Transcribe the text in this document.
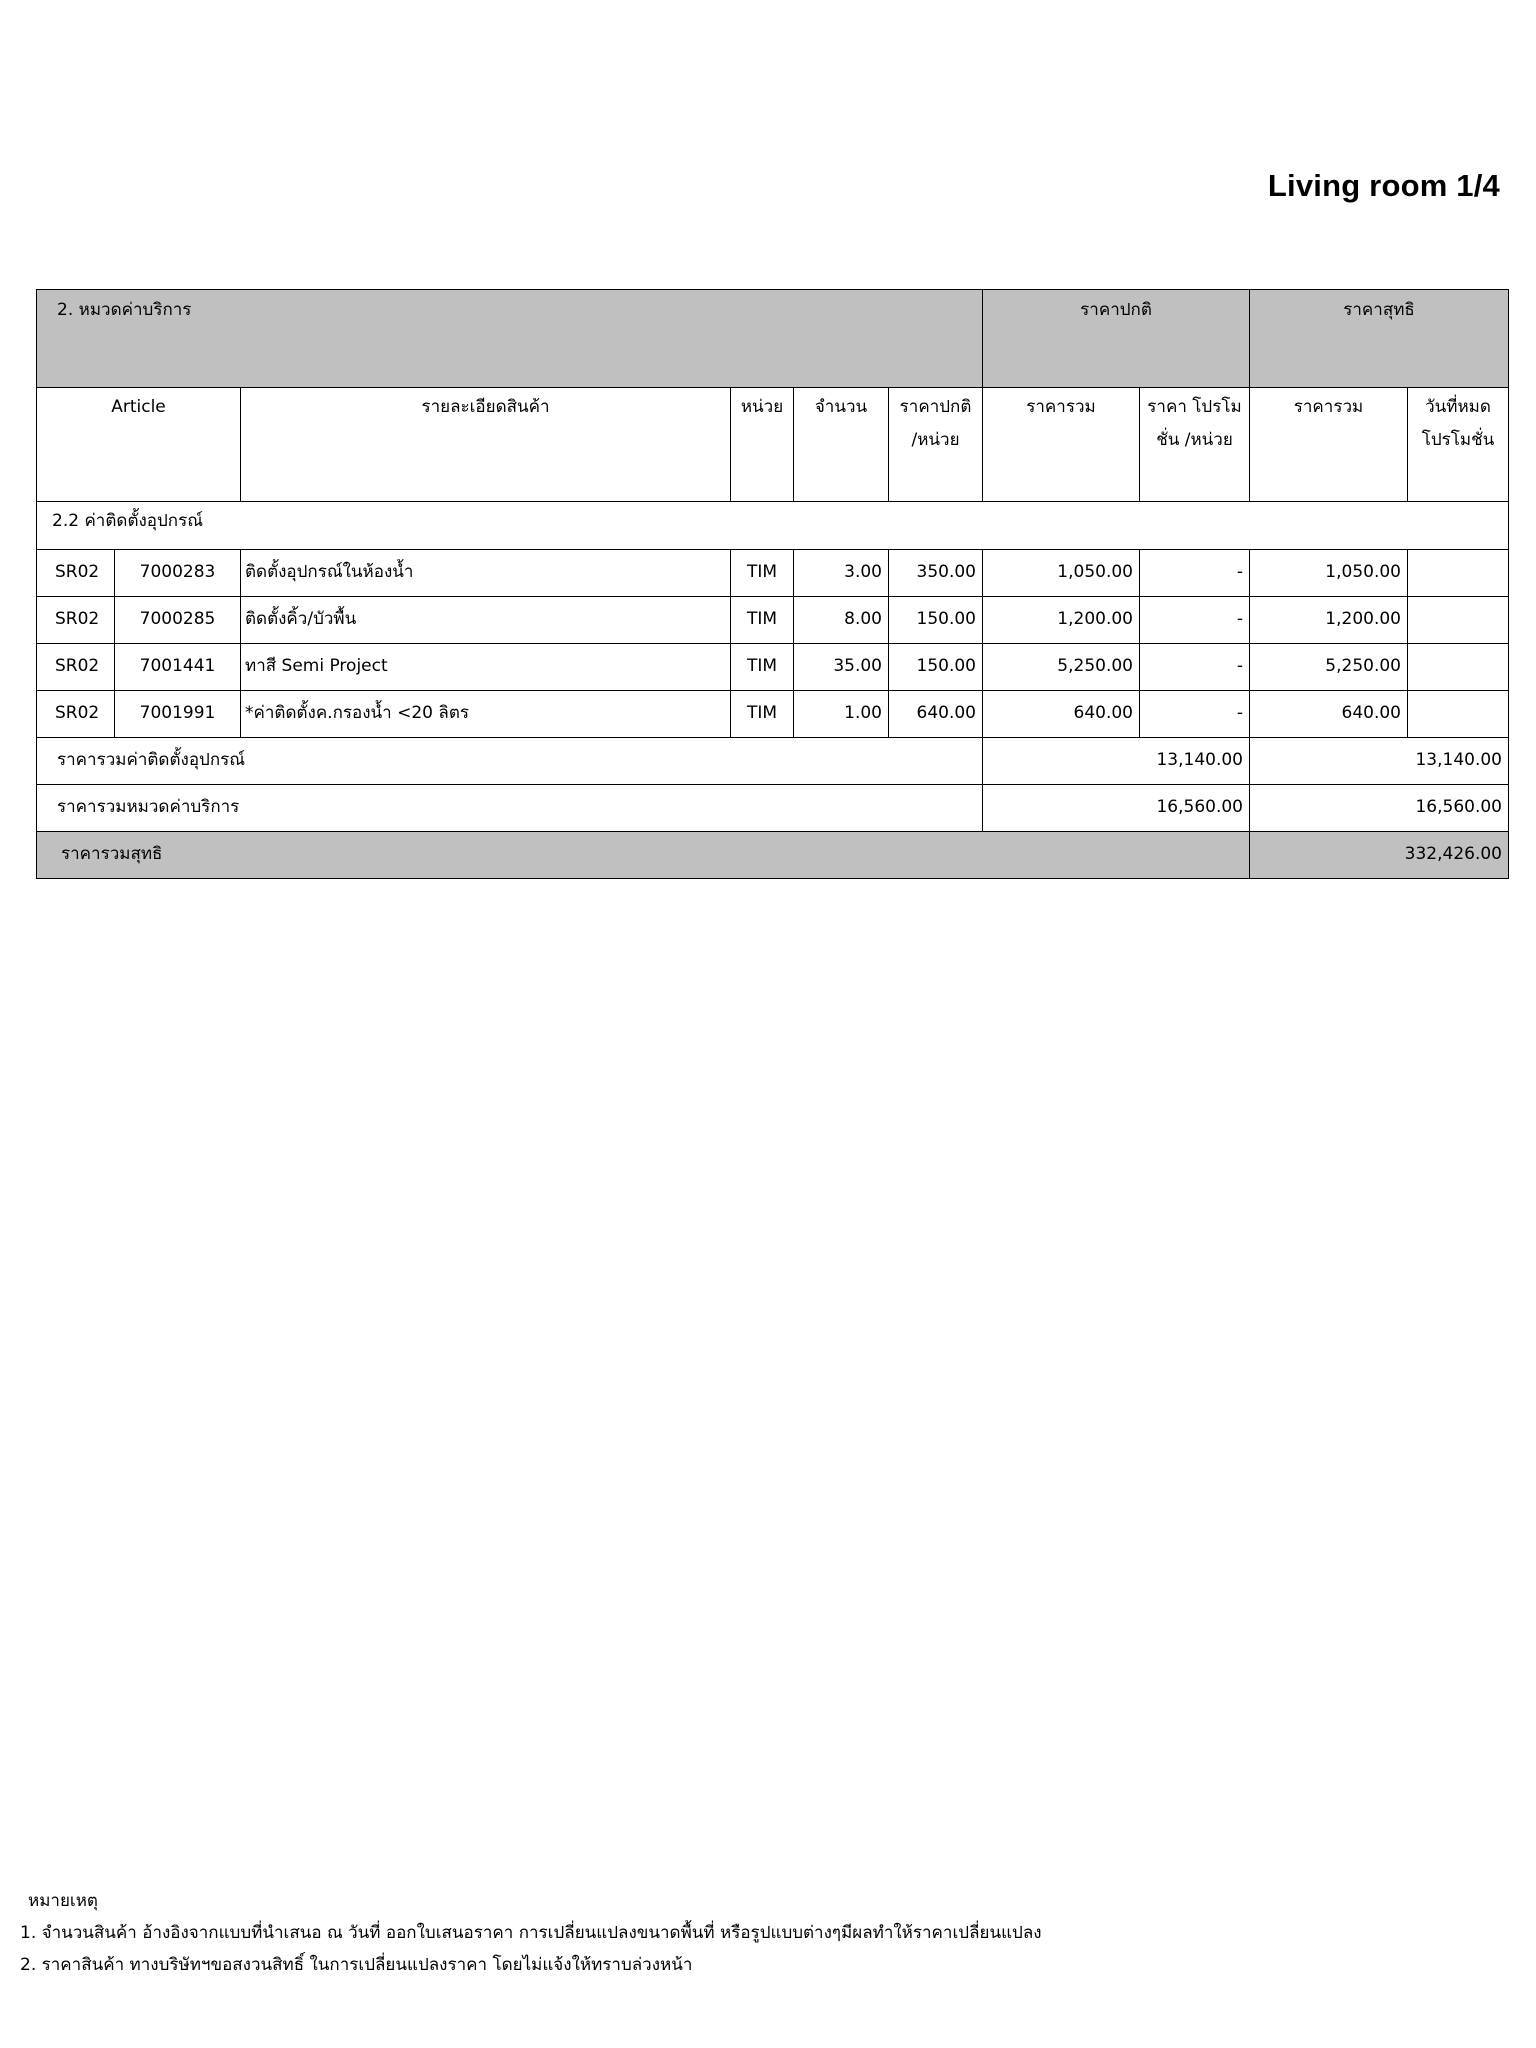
Living room 1/4
2. หมวดค่าบริการ						ราคาปกติ		ราคาสุทธิ	
Article		รายละเอียดสินค้า	หน่วย	จำนวน	ราคาปกติ /หน่วย	ราคารวม	ราคา โปรโมชั่น /หน่วย	ราคารวม	วันที่หมด โปรโมชั่น
2.2 ค่าติดตั้งอุปกรณ์									
SR02	7000283	ติดตั้งอุปกรณ์ในห้องน้ำ	TIM	3.00	350.00	1,050.00	-	1,050.00	
SR02	7000285	ติดตั้งคิ้ว/บัวพื้น	TIM	8.00	150.00	1,200.00	-	1,200.00	
SR02	7001441	ทาสี Semi Project	TIM	35.00	150.00	5,250.00	-	5,250.00	
SR02	7001991	*ค่าติดตั้งค.กรองน้ำ <20 ลิตร	TIM	1.00	640.00	640.00	-	640.00	
ราคารวมค่าติดตั้งอุปกรณ์						13,140.00		13,140.00	
ราคารวมหมวดค่าบริการ						16,560.00		16,560.00	
ราคารวมสุทธิ								332,426.00	
หมายเหตุ
1. จำนวนสินค้า อ้างอิงจากแบบที่นำเสนอ ณ วันที่ ออกใบเสนอราคา การเปลี่ยนแปลงขนาดพื้นที่ หรือรูปแบบต่างๆมีผลทำให้ราคาเปลี่ยนแปลง
2. ราคาสินค้า ทางบริษัทฯขอสงวนสิทธิ์ ในการเปลี่ยนแปลงราคา โดยไม่แจ้งให้ทราบล่วงหน้า
